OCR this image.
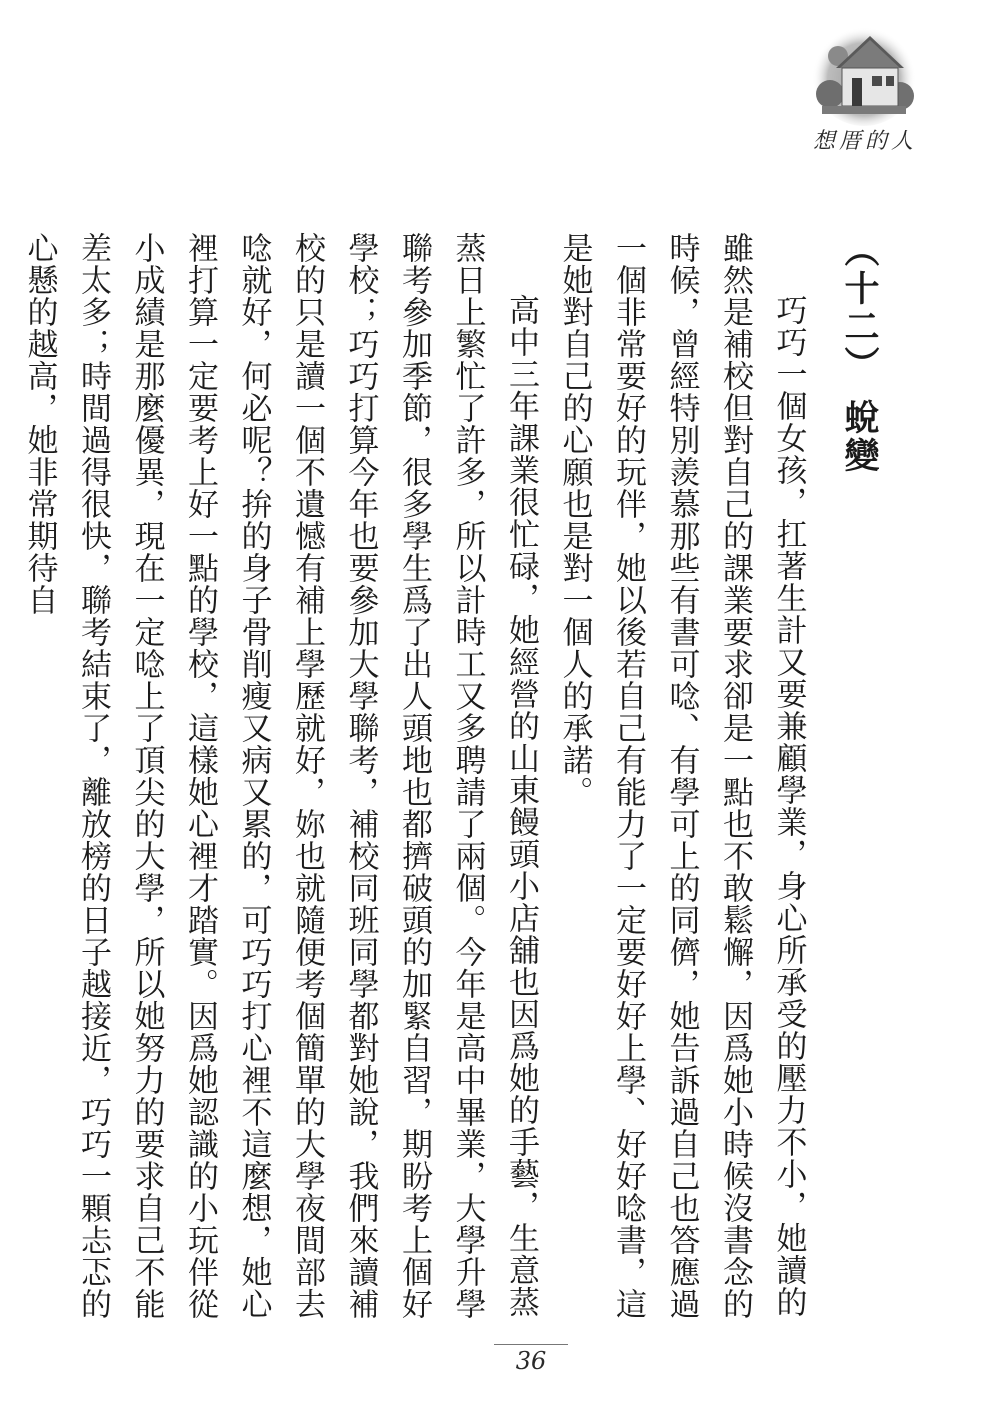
想厝的人
（十二） 蛻變

巧巧一個女孩，扛著生計又要兼顧學業，身心所承受的壓力不小，她讀的雖然是補校但對自己的課業要求卻是一點也不敢鬆懈，因爲她小時候沒書念的時候，曾經特別羨慕那些有書可唸、有學可上的同儕，她告訴過自己也答應過一個非常要好的玩伴，她以後若自己有能力了一定要好好上學、好好唸書，這是她對自己的心願也是對一個人的承諾。

高中三年課業很忙碌，她經營的山東饅頭小店舖也因爲她的手藝，生意蒸蒸日上繁忙了許多，所以計時工又多聘請了兩個。今年是高中畢業，大學升學聯考參加季節，很多學生爲了出人頭地也都擠破頭的加緊自習，期盼考上個好學校；巧巧打算今年也要參加大學聯考，補校同班同學都對她說，我們來讀補校的只是讀一個不遺憾有補上學歷就好，妳也就隨便考個簡單的大學夜間部去唸就好，何必呢？拚的身子骨削瘦又病又累的，可巧巧打心裡不這麼想，她心裡打算一定要考上好一點的學校，這樣她心裡才踏實。因爲她認識的小玩伴從小成績是那麼優異，現在一定唸上了頂尖的大學，所以她努力的要求自己不能差太多；時間過得很快，聯考結束了，離放榜的日子越接近，巧巧一顆忐忑的心懸的越高，她非常期待自

36
